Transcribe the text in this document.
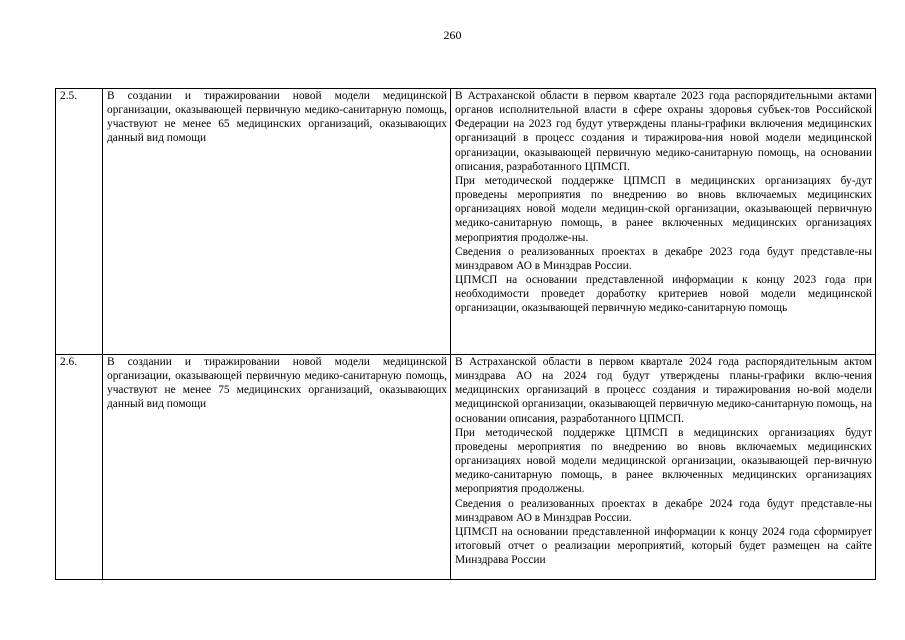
260
2.5.	В создании и тиражировании новой модели медицинской организации, оказывающей первичную медико-санитарную помощь, участвуют не менее 65 медицинских организаций, оказывающих данный вид помощи	В Астраханской области в первом квартале 2023 года распорядительными актами органов исполнительной власти в сфере охраны здоровья субъек-тов Российской Федерации на 2023 год будут утверждены планы-графики включения медицинских организаций в процесс создания и тиражирова-ния новой модели медицинской организации, оказывающей первичную медико-санитарную помощь, на основании описания, разработанного ЦПМСП.

При методической поддержке ЦПМСП в медицинских организациях бу-дут проведены мероприятия по внедрению во вновь включаемых медицинских организациях новой модели медицин-ской организации, оказывающей первичную медико-санитарную помощь, в ранее включенных медицинских организациях мероприятия продолже-ны.

Сведения о реализованных проектах в декабре 2023 года будут представле-ны минздравом АО в Минздрав России.

ЦПМСП на основании представленной информации к концу 2023 года при необходимости проведет доработку критериев новой модели медицинской организации, оказывающей первичную медико-санитарную помощь

2.6.	В создании и тиражировании новой модели медицинской организации, оказывающей первичную медико-санитарную помощь, участвуют не менее 75 медицинских организаций, оказывающих данный вид помощи	В Астраханской области в первом квартале 2024 года распорядительным актом минздрава АО на 2024 год будут утверждены планы-графики вклю-чения медицинских организаций в процесс создания и тиражирования но-вой модели медицинской организации, оказывающей первичную медико-санитарную помощь, на основании описания, разработанного ЦПМСП.

При методической поддержке ЦПМСП в медицинских организациях будут проведены мероприятия по внедрению во вновь включаемых медицинских организациях новой модели медицинской организации, оказывающей пер-вичную медико-санитарную помощь, в ранее включенных медицинских организациях мероприятия продолжены.

Сведения о реализованных проектах в декабре 2024 года будут представле-ны минздравом АО в Минздрав России.

ЦПМСП на основании представленной информации к концу 2024 года сформирует итоговый отчет о реализации мероприятий, который будет размещен на сайте Минздрава России
